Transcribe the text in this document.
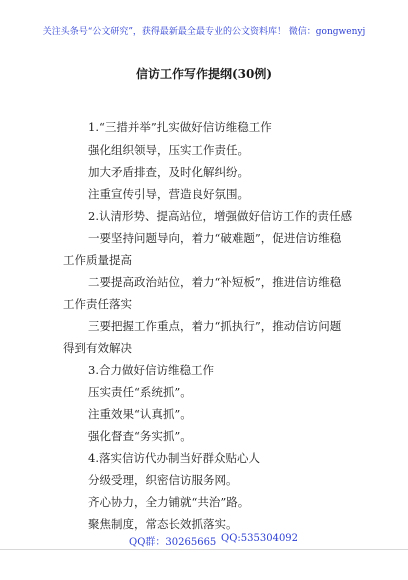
关注头条号“公文研究”，获得最新最全最专业的公文资料库！ 微信：gongwenyj
信访工作写作提纲(30例)
1.“三措并举”扎实做好信访维稳工作
强化组织领导，压实工作责任。
加大矛盾排查，及时化解纠纷。
注重宣传引导，营造良好氛围。
2.认清形势、提高站位，增强做好信访工作的责任感
一要坚持问题导向，着力“破难题”，促进信访维稳
工作质量提高
二要提高政治站位，着力“补短板”，推进信访维稳
工作责任落实
三要把握工作重点，着力“抓执行”，推动信访问题
得到有效解决
3.合力做好信访维稳工作
压实责任“系统抓”。
注重效果“认真抓”。
强化督查“务实抓”。
4.落实信访代办制当好群众贴心人
分级受理，织密信访服务网。
齐心协力，全力铺就“共治”路。
聚焦制度，常态长效抓落实。
QQ群：30265665 QQ:535304092
